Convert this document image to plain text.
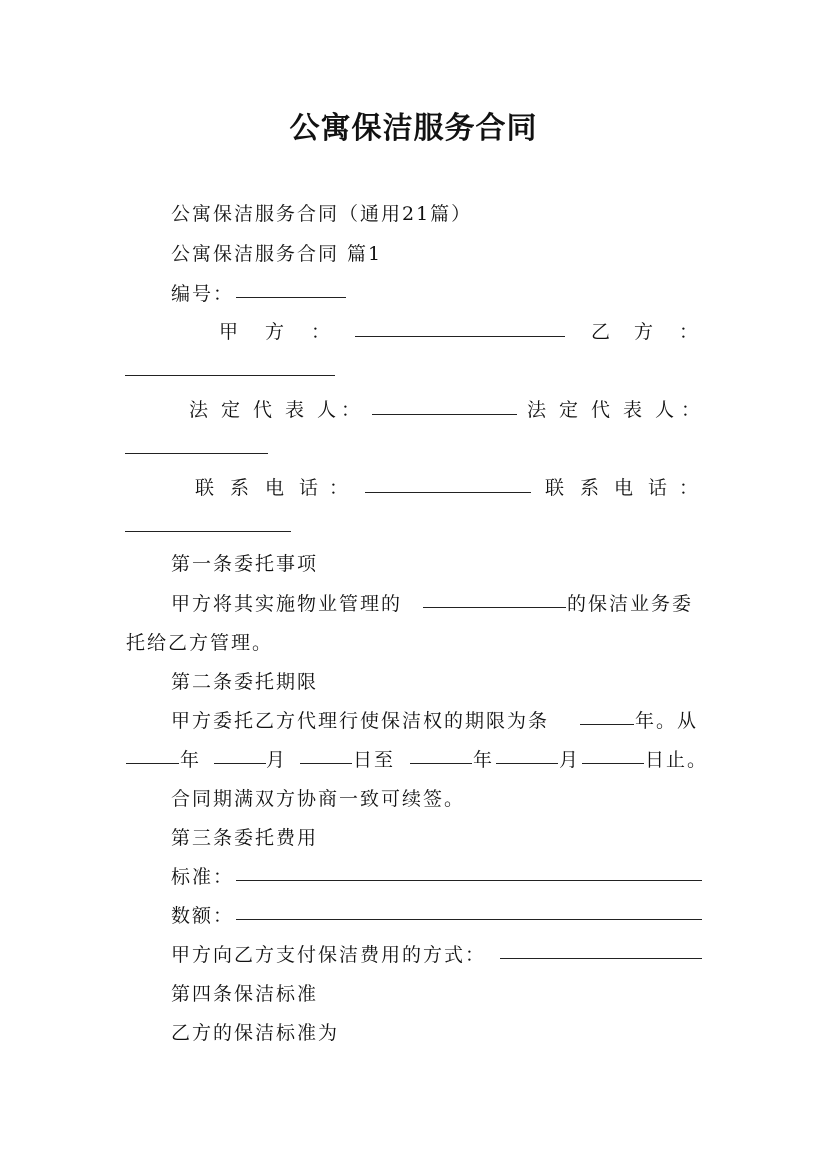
公寓保洁服务合同

公寓保洁服务合同（通用21篇）

公寓保洁服务合同 篇1

编号：

甲 方 ：	乙 方 ：
法 定 代 表 人 ：	法 定 代 表 人 ：
联 系 电 话 ：	联 系 电 话 ：

第一条委托事项

甲方将其实施物业管理的	的保洁业务委

托给乙方管理。

第二条委托期限

甲方委托乙方代理行使保洁权的期限为条	年。从

年	月	日至	年	月	日止。

合同期满双方协商一致可续签。

第三条委托费用

标准：

数额：

甲方向乙方支付保洁费用的方式：

第四条保洁标准

乙方的保洁标准为
